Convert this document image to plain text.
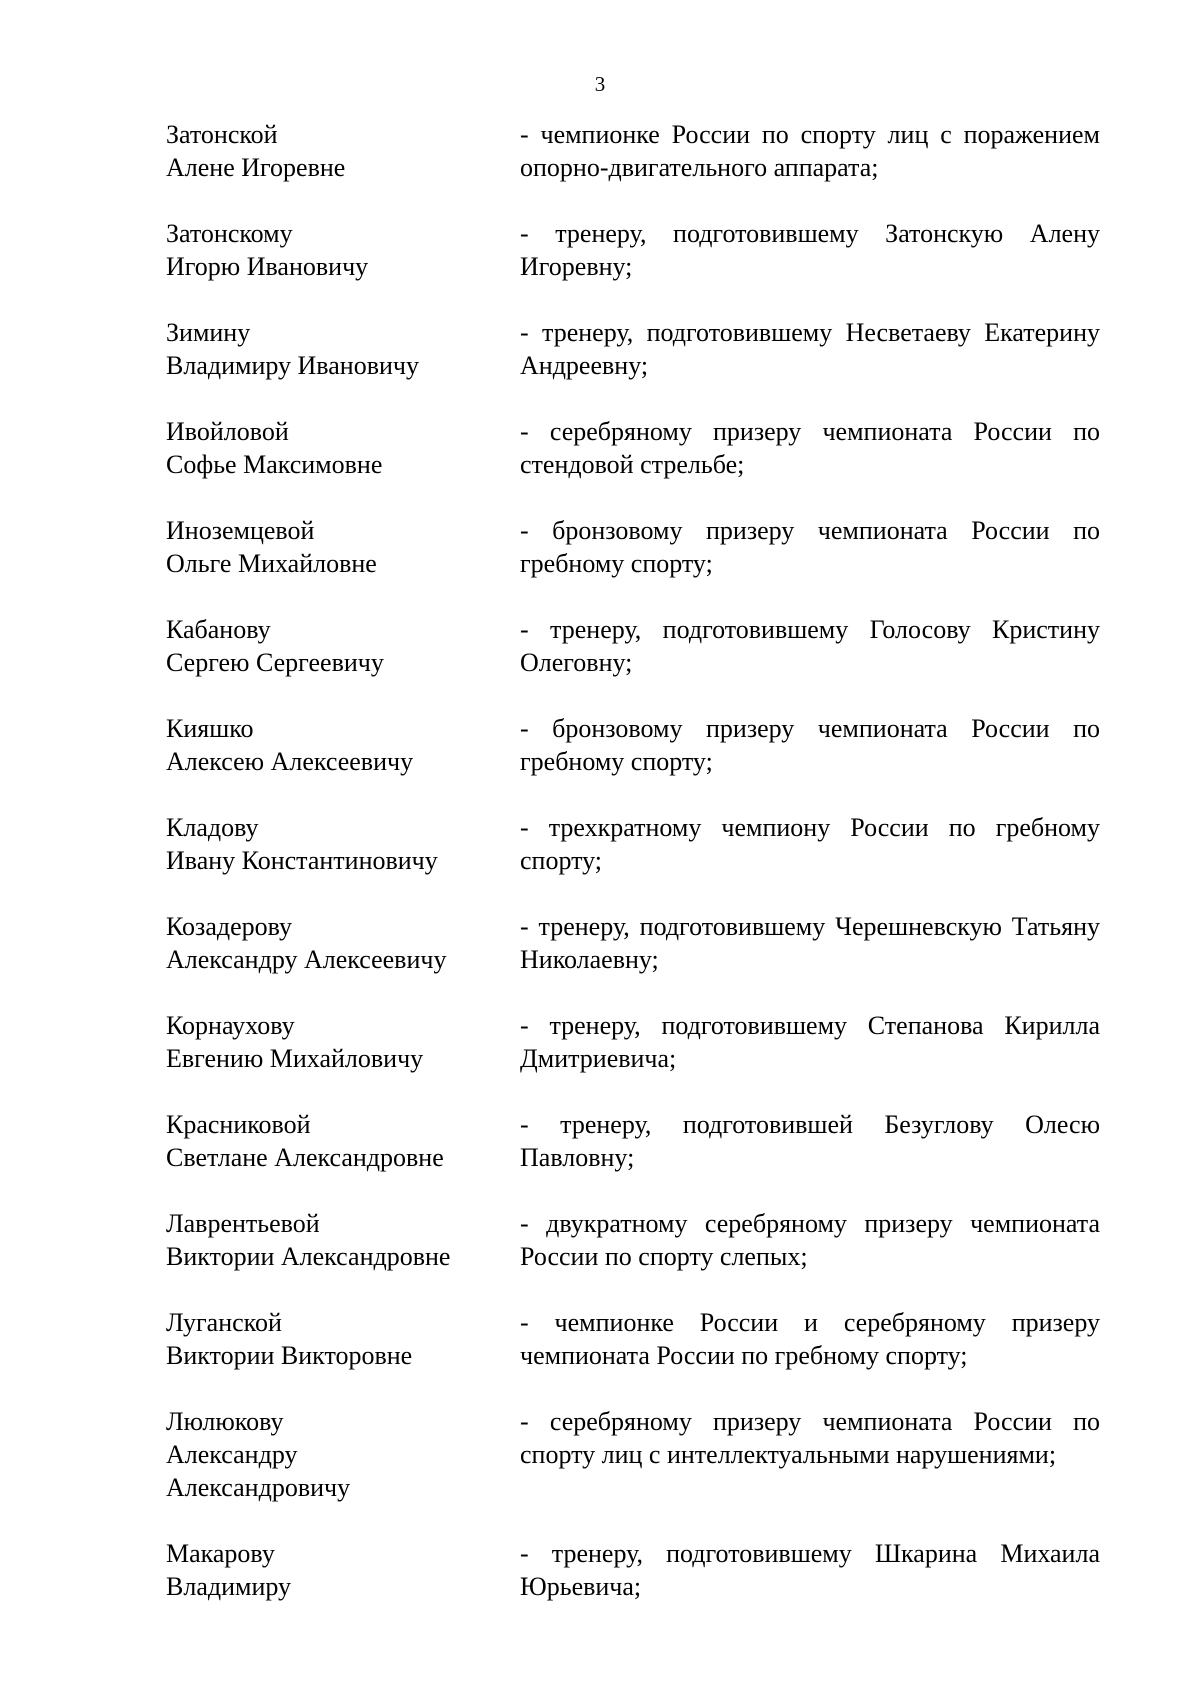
3
Затонской
Алене Игоревне

- чемпионке России по спорту лиц с поражением опорно-двигательного аппарата;

Затонскому
Игорю Ивановичу

- тренеру, подготовившему Затонскую Алену Игоревну;

Зимину
Владимиру Ивановичу

- тренеру, подготовившему Несветаеву Екатерину Андреевну;

Ивойловой
Софье Максимовне

- серебряному призеру чемпионата России по стендовой стрельбе;

Иноземцевой
Ольге Михайловне

- бронзовому призеру чемпионата России по гребному спорту;

Кабанову
Сергею Сергеевичу

- тренеру, подготовившему Голосову Кристину Олеговну;

Кияшко
Алексею Алексеевичу

- бронзовому призеру чемпионата России по гребному спорту;

Кладову
Ивану Константиновичу

- трехкратному чемпиону России по гребному спорту;

Козадерову
Александру Алексеевичу

- тренеру, подготовившему Черешневскую Татьяну Николаевну;

Корнаухову
Евгению Михайловичу

- тренеру, подготовившему Степанова Кирилла Дмитриевича;

Красниковой
Светлане Александровне

- тренеру, подготовившей Безуглову Олесю Павловну;

Лаврентьевой
Виктории Александровне

- двукратному серебряному призеру чемпионата России по спорту слепых;

Луганской
Виктории Викторовне

- чемпионке России и серебряному призеру чемпионата России по гребному спорту;

Люлюкову
Александру
Александровичу

- серебряному призеру чемпионата России по спорту лиц с интеллектуальными нарушениями;

Макарову
Владимиру

- тренеру, подготовившему Шкарина Михаила Юрьевича;
